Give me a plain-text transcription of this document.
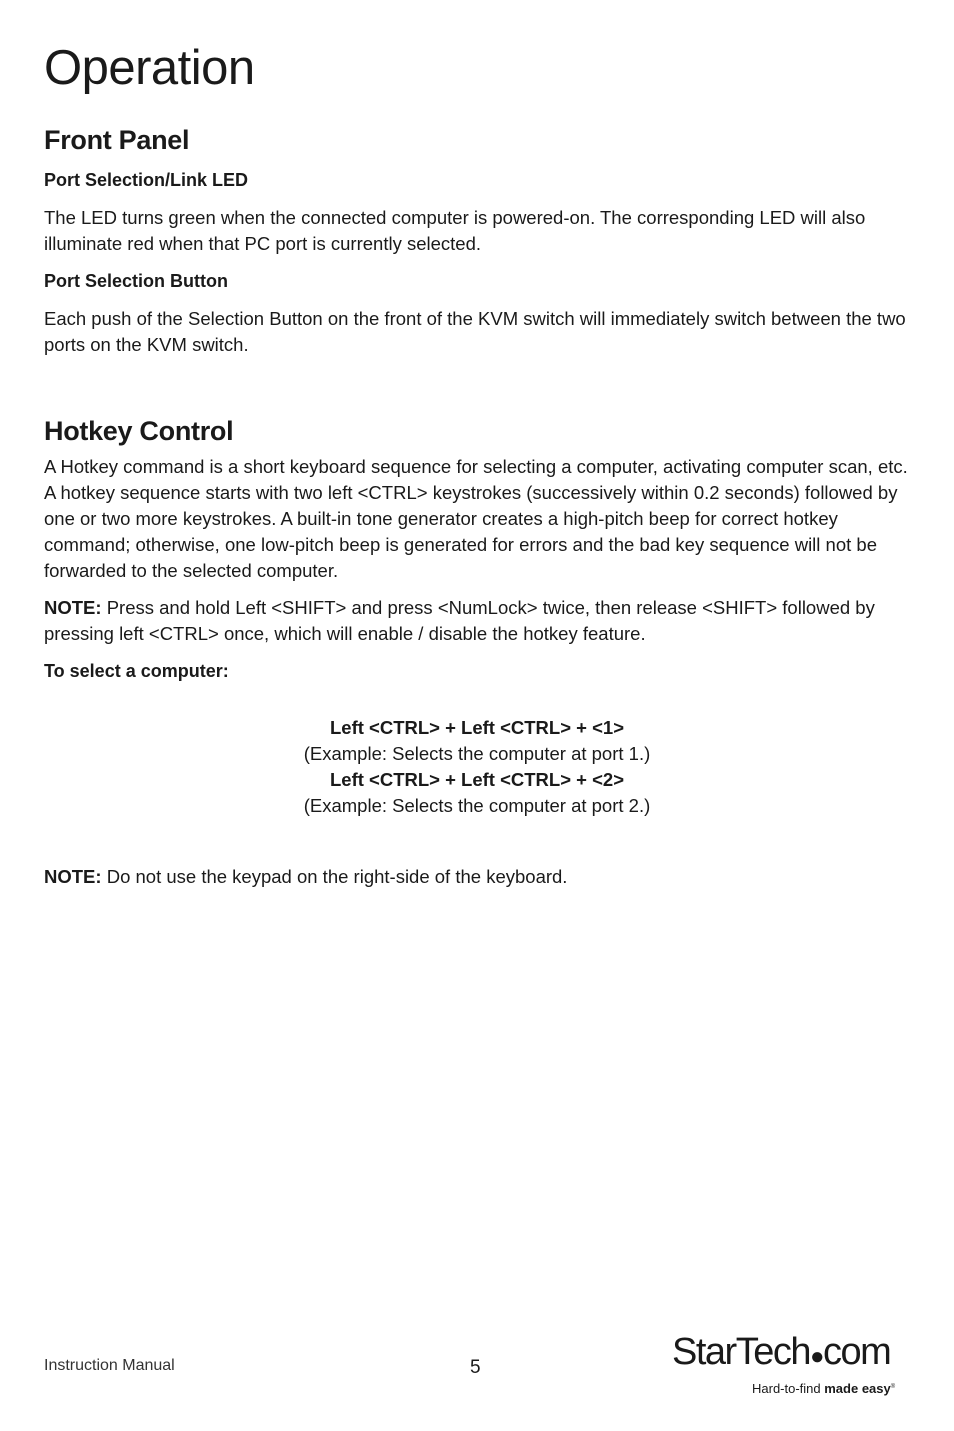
Operation
Front Panel
Port Selection/Link LED

The LED turns green when the connected computer is powered-on. The corresponding LED will also illuminate red when that PC port is currently selected.

Port Selection Button

Each push of the Selection Button on the front of the KVM switch will immediately switch between the two ports on the KVM switch.

Hotkey Control

A Hotkey command is a short keyboard sequence for selecting a computer, activating computer scan, etc. A hotkey sequence starts with two left <CTRL> keystrokes (successively within 0.2 seconds) followed by one or two more keystrokes. A built-in tone generator creates a high-pitch beep for correct hotkey command; otherwise, one low-pitch beep is generated for errors and the bad key sequence will not be forwarded to the selected computer.

NOTE: Press and hold Left <SHIFT> and press <NumLock> twice, then release <SHIFT> followed by pressing left <CTRL> once, which will enable / disable the hotkey feature.

To select a computer:
Left <CTRL> + Left <CTRL> + <1>
(Example: Selects the computer at port 1.)
Left <CTRL> + Left <CTRL> + <2>
(Example: Selects the computer at port 2.)

NOTE: Do not use the keypad on the right-side of the keyboard.

Instruction Manual	5	StarTech●com
Hard-to-find made easy®
